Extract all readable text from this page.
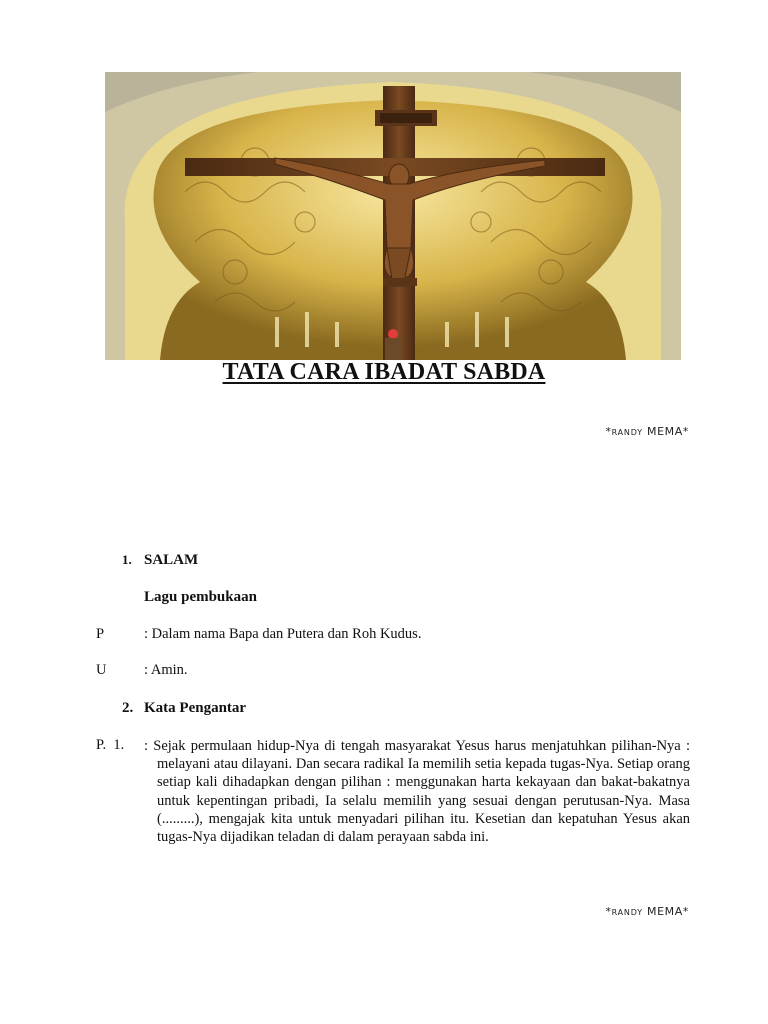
TATA CARA IBADAT SABDA
*RANDY MEMA*
1. SALAM
Lagu pembukaan
P	: Dalam nama Bapa dan Putera dan Roh Kudus.
U	: Amin.
2. Kata Pengantar
P.  1. : Sejak permulaan hidup-Nya di tengah masyarakat Yesus harus menjatuhkan pilihan-Nya : melayani atau dilayani. Dan secara radikal Ia memilih setia kepada tugas-Nya. Setiap orang setiap kali dihadapkan dengan pilihan : menggunakan harta kekayaan dan bakat-bakatnya untuk kepentingan pribadi, Ia selalu memilih yang sesuai dengan perutusan-Nya. Masa (.........), mengajak kita untuk menyadari pilihan itu. Kesetian dan kepatuhan Yesus akan tugas-Nya dijadikan teladan di dalam perayaan sabda ini.
*RANDY MEMA*
